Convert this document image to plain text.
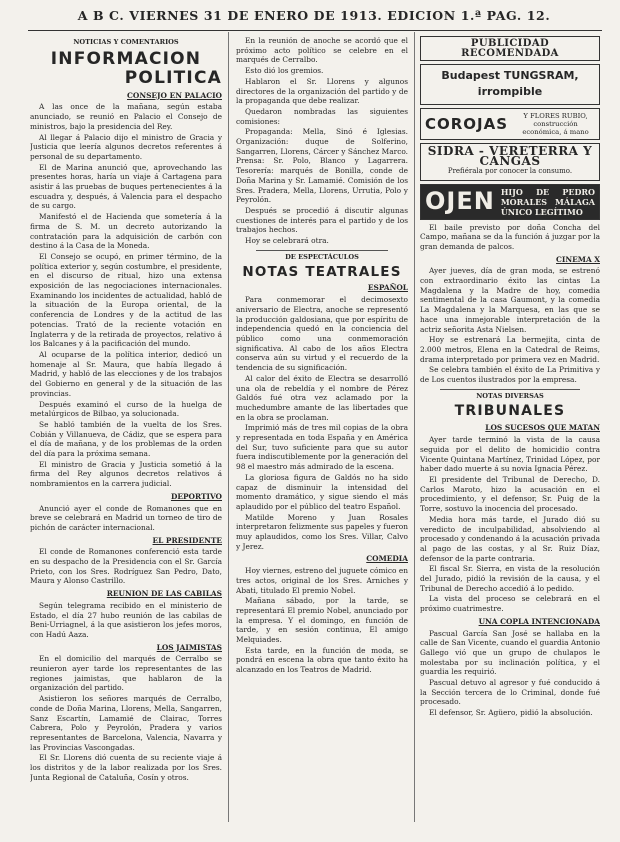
A B C. VIERNES 31 DE ENERO DE 1913. EDICION 1.ª PAG. 12.
NOTICIAS Y COMENTARIOS
INFORMACION
POLITICA
CONSEJO EN PALACIO

A las once de la mañana, según estaba anunciado, se reunió en Palacio el Consejo de ministros, bajo la presidencia del Rey.

Al llegar á Palacio dijo el ministro de Gracia y Justicia que leería algunos decretos referentes á personal de su departamento.

El de Marina anunció que, aprovechando las presentes horas, haría un viaje á Cartagena para asistir á las pruebas de buques pertenecientes á la escuadra y, después, á Valencia para el despacho de su cargo.

Manifestó el de Hacienda que sometería á la firma de S. M. un decreto autorizando la contratación para la adquisición de carbón con destino á la Casa de la Moneda.

El Consejo se ocupó, en primer término, de la política exterior y, según costumbre, el presidente, en el discurso de ritual, hizo una extensa exposición de las negociaciones internacionales. Examinando los incidentes de actualidad, habló de la situación de la Europa oriental, de la conferencia de Londres y de la actitud de las potencias. Trató de la reciente votación en Inglaterra y de la retirada de proyectos, relativo á los Balcanes y á la pacificación del mundo.

Al ocuparse de la política interior, dedicó un homenaje al Sr. Maura, que había llegado á Madrid, y habló de las elecciones y de los trabajos del Gobierno en general y de la situación de las provincias.

Después examinó el curso de la huelga de metalúrgicos de Bilbao, ya solucionada.

Se habló también de la vuelta de los Sres. Cobián y Villanueva, de Cádiz, que se espera para el día de mañana, y de los problemas de la orden del día para la próxima semana.

El ministro de Gracia y Justicia sometió á la firma del Rey algunos decretos relativos á nombramientos en la carrera judicial.

DEPORTIVO

Anunció ayer el conde de Romanones que en breve se celebrará en Madrid un torneo de tiro de pichón de carácter internacional.

EL PRESIDENTE

El conde de Romanones conferenció esta tarde en su despacho de la Presidencia con el Sr. García Prieto, con los Sres. Rodríguez San Pedro, Dato, Maura y Alonso Castrillo.

REUNION DE LAS CABILAS

Según telegrama recibido en el ministerio de Estado, el día 27 hubo reunión de las cabilas de Beni-Urriagnel, á la que asistieron los jefes moros, con Hadú Aaza.

LOS JAIMISTAS

En el domicilio del marqués de Cerralbo se reunieron ayer tarde los representantes de las regiones jaimistas, que hablaron de la organización del partido.

Asistieron los señores marqués de Cerralbo, conde de Doña Marina, Llorens, Mella, Sangarren, Sanz Escartín, Lamamié de Clairac, Torres Cabrera, Polo y Peyrolón, Pradera y varios representantes de Barcelona, Valencia, Navarra y las Provincias Vascongadas.

El Sr. Llorens dió cuenta de su reciente viaje á los distritos y de la labor realizada por los Sres. Junta Regional de Cataluña, Cosín y otros.

En la reunión de anoche se acordó que el próximo acto político se celebre en el marqués de Cerralbo.

Esto dió los gremios.

Hablaron el Sr. Llorens y algunos directores de la organización del partido y de la propaganda que debe realizar.

Quedaron nombradas las siguientes comisiones:

Propaganda: Mella, Sinó é Iglesias. Organización: duque de Solferino, Sangarren, Llorens, Cárcer y Sánchez Marco. Prensa: Sr. Polo, Blanco y Lagarrera. Tesorería: marqués de Bonilla, conde de Doña Marina y Sr. Lamamié. Comisión de los Sres. Pradera, Mella, Llorens, Urrutia, Polo y Peyrolón.

Después se procedió á discutir algunas cuestiones de interés para el partido y de los trabajos hechos.

Hoy se celebrará otra.

DE ESPECTÁCULOS
NOTAS TEATRALES
ESPAÑOL

Para conmemorar el decimosexto aniversario de Electra, anoche se representó la producción galdosiana, que por espíritu de independencia quedó en la conciencia del público como una conmemoración significativa. Al cabo de los años Electra conserva aún su virtud y el recuerdo de la tendencia de su significación.

Al calor del éxito de Electra se desarrolló una ola de rebeldía y el nombre de Pérez Galdós fué otra vez aclamado por la muchedumbre amante de las libertades que en la obra se proclaman.

Imprimió más de tres mil copias de la obra y representada en toda España y en América del Sur, tuvo suficiente para que su autor fuera indiscutiblemente por la generación del 98 el maestro más admirado de la escena.

La gloriosa figura de Galdós no ha sido capaz de disminuir la intensidad del momento dramático, y sigue siendo el más aplaudido por el público del teatro Español.

Matilde Moreno y Juan Rosales interpretaron felizmente sus papeles y fueron muy aplaudidos, como los Sres. Villar, Calvo y Jerez.

COMEDIA

Hoy viernes, estreno del juguete cómico en tres actos, original de los Sres. Arniches y Abati, titulado El premio Nobel.

Mañana sábado, por la tarde, se representará El premio Nobel, anunciado por la empresa. Y el domingo, en función de tarde, y en sesión continua, El amigo Melquiades.

Esta tarde, en la función de moda, se pondrá en escena la obra que tanto éxito ha alcanzado en los Teatros de Madrid.

PUBLICIDAD RECOMENDADA
Budapest TUNGSRAM, irrompible
COROJAS	Y FLORES RUBIO, construcción económica, á mano
SIDRA - VERETERRA Y CANGAS
Prefiérala por conocer la consumo.
OJEN HIJO DE PEDRO MORALES MÁLAGA ÚNICO LEGÍTIMO

El baile previsto por doña Concha del Campo, mañana se da la función á juzgar por la gran demanda de palcos.

CINEMA X

Ayer jueves, día de gran moda, se estrenó con extraordinario éxito las cintas La Magdalena y la Madre de hoy, comedia sentimental de la casa Gaumont, y la comedia La Magdalena y la Marquesa, en las que se hace una inmejorable interpretación de la actriz señorita Asta Nielsen.

Hoy se estrenará La bermejita, cinta de 2.000 metros, Elena en la Catedral de Reims, drama interpretado por primera vez en Madrid.

Se celebra también el éxito de La Primitiva y de Los cuentos ilustrados por la empresa.

NOTAS DIVERSAS
TRIBUNALES
LOS SUCESOS QUE MATAN

Ayer tarde terminó la vista de la causa seguida por el delito de homicidio contra Vicente Quintana Martínez, Trinidad López, por haber dado muerte á su novia Ignacia Pérez.

El presidente del Tribunal de Derecho, D. Carlos Maroto, hizo la acusación en el procedimiento, y el defensor, Sr. Puig de la Torre, sostuvo la inocencia del procesado.

Media hora más tarde, el Jurado dió su veredicto de inculpabilidad, absolviendo al procesado y condenando á la acusación privada al pago de las costas, y al Sr. Ruiz Díaz, defensor de la parte contraria.

El fiscal Sr. Sierra, en vista de la resolución del Jurado, pidió la revisión de la causa, y el Tribunal de Derecho accedió á lo pedido.

La vista del proceso se celebrará en el próximo cuatrimestre.

UNA COPLA INTENCIONADA

Pascual García San José se hallaba en la calle de San Vicente, cuando el guardia Antonio Gallego vió que un grupo de chulapos le molestaba por su inclinación política, y el guardia les requirió.

Pascual detuvo al agresor y fué conducido á la Sección tercera de lo Criminal, donde fué procesado.

El defensor, Sr. Agüero, pidió la absolución.
